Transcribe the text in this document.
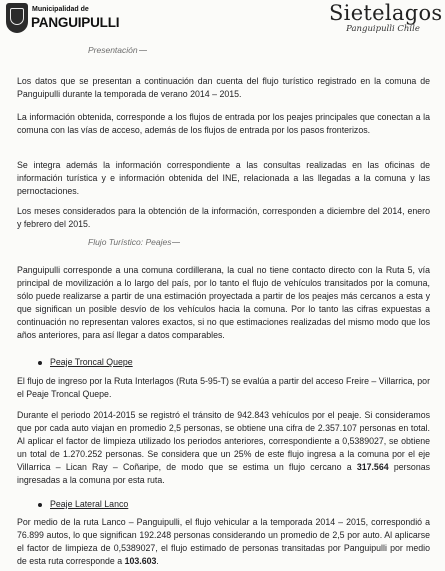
Municipalidad de
PANGUIPULLI	Sietelagos
Panguipulli Chile
Presentación

Los datos que se presentan a continuación dan cuenta del flujo turístico registrado en la comuna de Panguipulli durante la temporada de verano 2014 – 2015.

La información obtenida, corresponde a los flujos de entrada por los peajes principales que conectan a la comuna con las vías de acceso, además de los flujos de entrada por los pasos fronterizos.

Se integra además la información correspondiente a las consultas realizadas en las oficinas de información turística y e información obtenida del INE, relacionada a las llegadas a la comuna y las pernoctaciones.

Los meses considerados para la obtención de la información, corresponden a diciembre del 2014, enero y febrero del 2015.

Flujo Turístico: Peajes

Panguipulli corresponde a una comuna cordillerana, la cual no tiene contacto directo con la Ruta 5, vía principal de movilización a lo largo del país, por lo tanto el flujo de vehículos transitados por la comuna, sólo puede realizarse a partir de una estimación proyectada a partir de los peajes más cercanos a esta y que significan un posible desvío de los vehículos hacia la comuna. Por lo tanto las cifras expuestas a continuación no representan valores exactos, si no que estimaciones realizadas del mismo modo que los años anteriores, para así llegar a datos comparables.

Peaje Troncal Quepe

El flujo de ingreso por la Ruta Interlagos (Ruta 5-95-T) se evalúa a partir del acceso Freire – Villarrica, por el Peaje Troncal Quepe.

Durante el periodo 2014-2015 se registró el tránsito de 942.843 vehículos por el peaje. Si consideramos que por cada auto viajan en promedio 2,5 personas, se obtiene una cifra de 2.357.107 personas en total. Al aplicar el factor de limpieza utilizado los periodos anteriores, correspondiente a 0,5389027, se obtiene un total de 1.270.252 personas. Se considera que un 25% de este flujo ingresa a la comuna por el eje Villarrica – Lican Ray – Coñaripe, de modo que se estima un flujo cercano a 317.564 personas ingresadas a la comuna por esta ruta.

Peaje Lateral Lanco

Por medio de la ruta Lanco – Panguipulli, el flujo vehicular a la temporada 2014 – 2015, correspondió a 76.899 autos, lo que significan 192.248 personas considerando un promedio de 2,5 por auto. Al aplicarse el factor de limpieza de 0,5389027, el flujo estimado de personas transitadas por Panguipulli por medio de esta ruta corresponde a 103.603.
